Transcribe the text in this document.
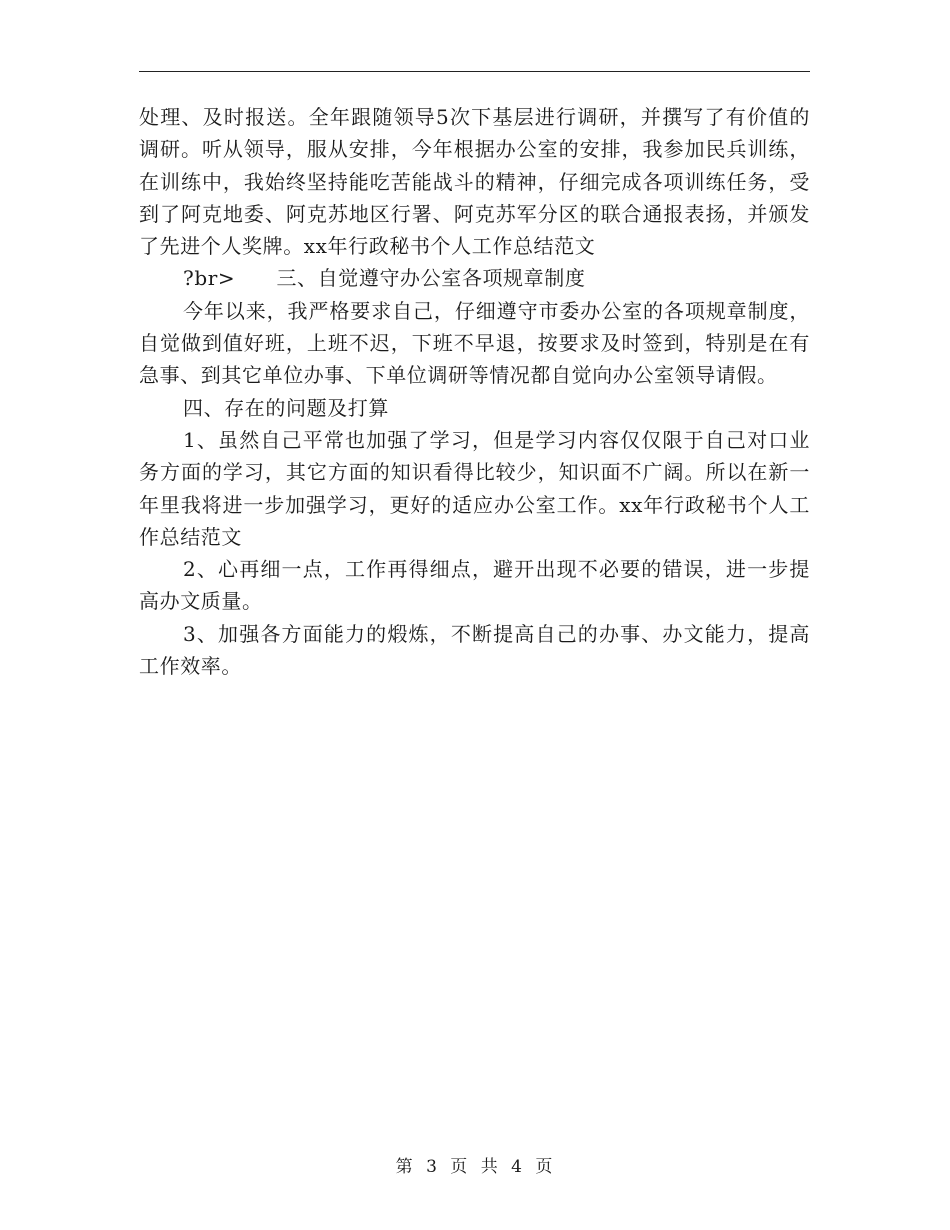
处理、及时报送。全年跟随领导5次下基层进行调研，并撰写了有价值的调研。听从领导，服从安排，今年根据办公室的安排，我参加民兵训练，在训练中，我始终坚持能吃苦能战斗的精神，仔细完成各项训练任务，受到了阿克地委、阿克苏地区行署、阿克苏军分区的联合通报表扬，并颁发了先进个人奖牌。xx年行政秘书个人工作总结范文

?br>　　三、自觉遵守办公室各项规章制度

今年以来，我严格要求自己，仔细遵守市委办公室的各项规章制度，自觉做到值好班，上班不迟，下班不早退，按要求及时签到，特别是在有急事、到其它单位办事、下单位调研等情况都自觉向办公室领导请假。

四、存在的问题及打算

1、虽然自己平常也加强了学习，但是学习内容仅仅限于自己对口业务方面的学习，其它方面的知识看得比较少，知识面不广阔。所以在新一年里我将进一步加强学习，更好的适应办公室工作。xx年行政秘书个人工作总结范文

2、心再细一点，工作再得细点，避开出现不必要的错误，进一步提高办文质量。

3、加强各方面能力的煅炼，不断提高自己的办事、办文能力，提高工作效率。

第 3 页 共 4 页
